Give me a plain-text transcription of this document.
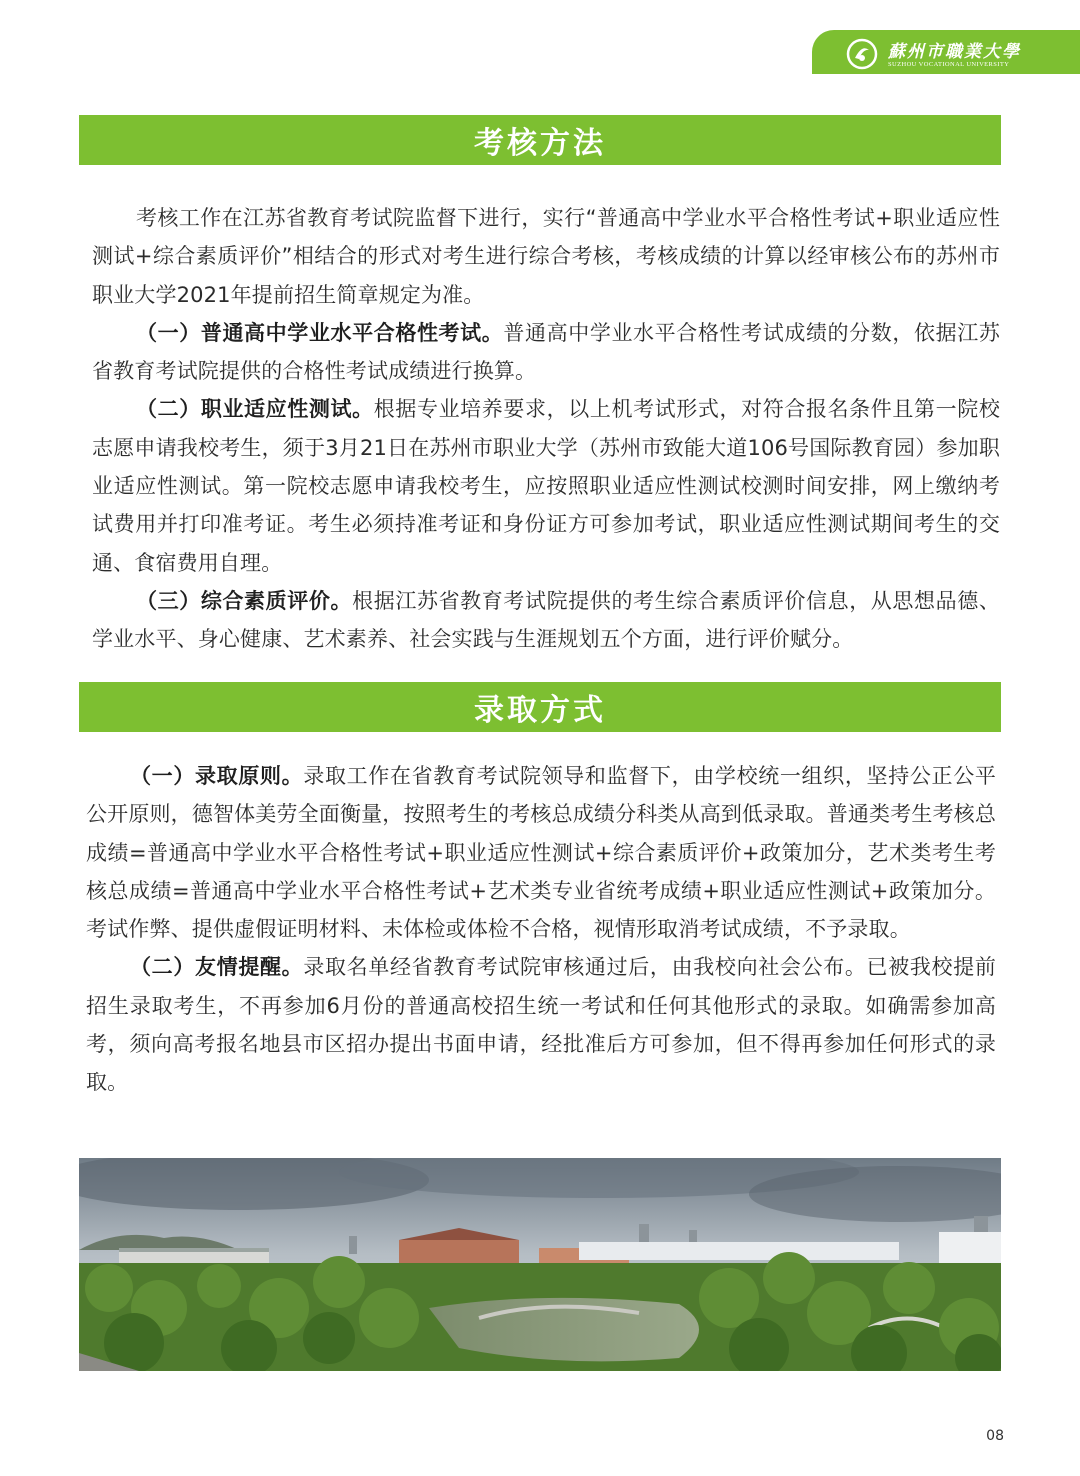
蘇州市職業大學
SUZHOU VOCATIONAL UNIVERSITY
考核方法

考核工作在江苏省教育考试院监督下进行，实行“普通高中学业水平合格性考试+职业适应性测试+综合素质评价”相结合的形式对考生进行综合考核，考核成绩的计算以经审核公布的苏州市职业大学2021年提前招生简章规定为准。

（一）普通高中学业水平合格性考试。普通高中学业水平合格性考试成绩的分数，依据江苏省教育考试院提供的合格性考试成绩进行换算。

（二）职业适应性测试。根据专业培养要求，以上机考试形式，对符合报名条件且第一院校志愿申请我校考生，须于3月21日在苏州市职业大学（苏州市致能大道106号国际教育园）参加职业适应性测试。第一院校志愿申请我校考生，应按照职业适应性测试校测时间安排，网上缴纳考试费用并打印准考证。考生必须持准考证和身份证方可参加考试，职业适应性测试期间考生的交通、食宿费用自理。

（三）综合素质评价。根据江苏省教育考试院提供的考生综合素质评价信息，从思想品德、学业水平、身心健康、艺术素养、社会实践与生涯规划五个方面，进行评价赋分。

录取方式

（一）录取原则。录取工作在省教育考试院领导和监督下，由学校统一组织，坚持公正公平公开原则，德智体美劳全面衡量，按照考生的考核总成绩分科类从高到低录取。普通类考生考核总成绩=普通高中学业水平合格性考试+职业适应性测试+综合素质评价+政策加分，艺术类考生考核总成绩=普通高中学业水平合格性考试+艺术类专业省统考成绩+职业适应性测试+政策加分。考试作弊、提供虚假证明材料、未体检或体检不合格，视情形取消考试成绩，不予录取。

（二）友情提醒。录取名单经省教育考试院审核通过后，由我校向社会公布。已被我校提前招生录取考生，不再参加6月份的普通高校招生统一考试和任何其他形式的录取。如确需参加高考，须向高考报名地县市区招办提出书面申请，经批准后方可参加，但不得再参加任何形式的录取。

08
